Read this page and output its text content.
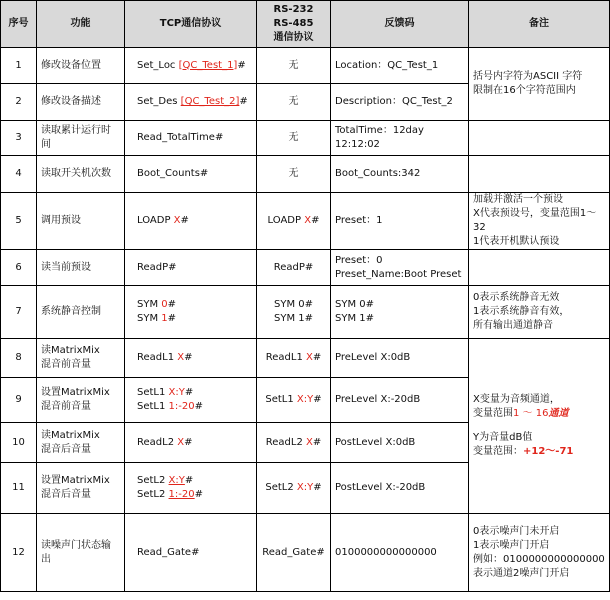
序号	功能	TCP通信协议	RS-232
RS-485
通信协议	反馈码	备注
1	修改设备位置	Set_Loc [QC_Test_1]#	无	Location：QC_Test_1	括号内字符为ASCII 字符
限制在16个字符范围内

2	修改设备描述	Set_Des [QC_Test_2]#	无	Description：QC_Test_2	
3	读取累计运行时间	Read_TotalTime#	无	TotalTime：12day 12:12:02	
4	读取开关机次数	Boot_Counts#	无	Boot_Counts:342	
5	调用预设	LOADP X#	LOADP X#	Preset：1	加载并激活一个预设
X代表预设号，变量范围1～32
1代表开机默认预设

6	读当前预设	ReadP#	ReadP#	Preset：0
Preset_Name:Boot Preset	

7	系统静音控制	SYM 0#
SYM 1#	SYM 0#
SYM 1#	SYM 0#
SYM 1#	0表示系统静音无效
1表示系统静音有效，
所有输出通道静音

8	读MatrixMix
混音前音量	ReadL1 X#	ReadL1 X#	PreLevel X:0dB	X变量为音频通道，
变量范围1 ～ 16通道
Y为音量dB值
变量范围：+12～-71

9	设置MatrixMix
混音前音量	SetL1 X:Y#
SetL1 1:-20#	SetL1 X:Y#	PreLevel X:-20dB	
10	读MatrixMix
混音后音量	ReadL2 X#	ReadL2 X#	PostLevel X:0dB	
11	设置MatrixMix
混音后音量	SetL2 X:Y#
SetL2 1:-20#	SetL2 X:Y#	PostLevel X:-20dB	
12	读噪声门状态输出	Read_Gate#	Read_Gate#	0100000000000000	0表示噪声门未开启
1表示噪声门开启
例如：0100000000000000
表示通道2噪声门开启
